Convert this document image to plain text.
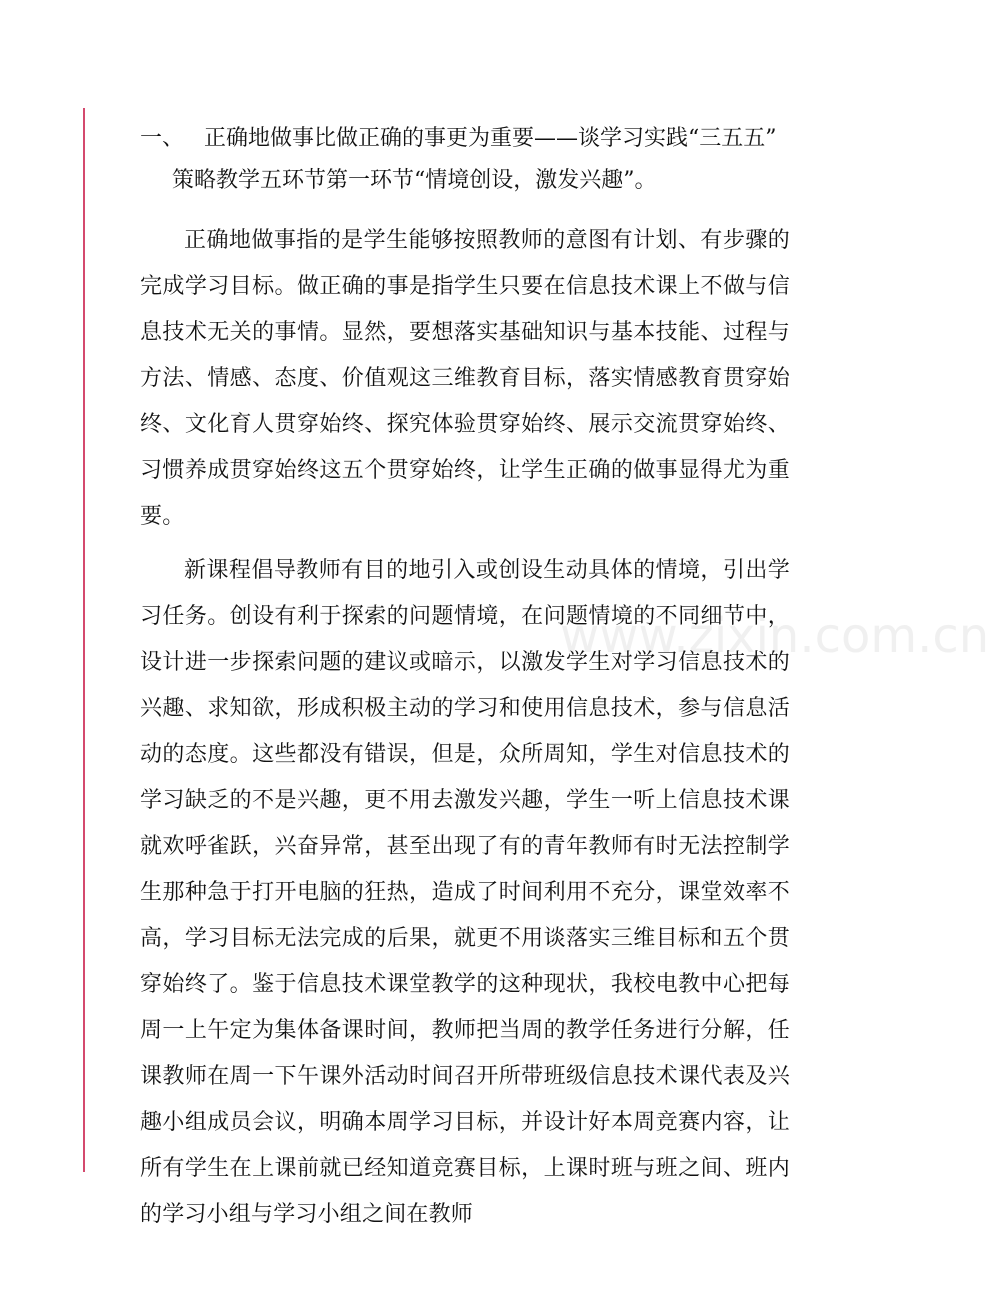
www.zixin.com.cn
一、 正确地做事比做正确的事更为重要——谈学习实践“三五五”
策略教学五环节第一环节“情境创设，激发兴趣”。

正确地做事指的是学生能够按照教师的意图有计划、有步骤的完成学习目标。做正确的事是指学生只要在信息技术课上不做与信息技术无关的事情。显然，要想落实基础知识与基本技能、过程与方法、情感、态度、价值观这三维教育目标，落实情感教育贯穿始终、文化育人贯穿始终、探究体验贯穿始终、展示交流贯穿始终、习惯养成贯穿始终这五个贯穿始终，让学生正确的做事显得尤为重要。

新课程倡导教师有目的地引入或创设生动具体的情境，引出学习任务。创设有利于探索的问题情境，在问题情境的不同细节中，设计进一步探索问题的建议或暗示，以激发学生对学习信息技术的兴趣、求知欲，形成积极主动的学习和使用信息技术，参与信息活动的态度。这些都没有错误，但是，众所周知，学生对信息技术的学习缺乏的不是兴趣，更不用去激发兴趣，学生一听上信息技术课就欢呼雀跃，兴奋异常，甚至出现了有的青年教师有时无法控制学生那种急于打开电脑的狂热，造成了时间利用不充分，课堂效率不高，学习目标无法完成的后果，就更不用谈落实三维目标和五个贯穿始终了。鉴于信息技术课堂教学的这种现状，我校电教中心把每周一上午定为集体备课时间，教师把当周的教学任务进行分解，任课教师在周一下午课外活动时间召开所带班级信息技术课代表及兴趣小组成员会议，明确本周学习目标，并设计好本周竞赛内容，让所有学生在上课前就已经知道竞赛目标，上课时班与班之间、班内的学习小组与学习小组之间在教师
